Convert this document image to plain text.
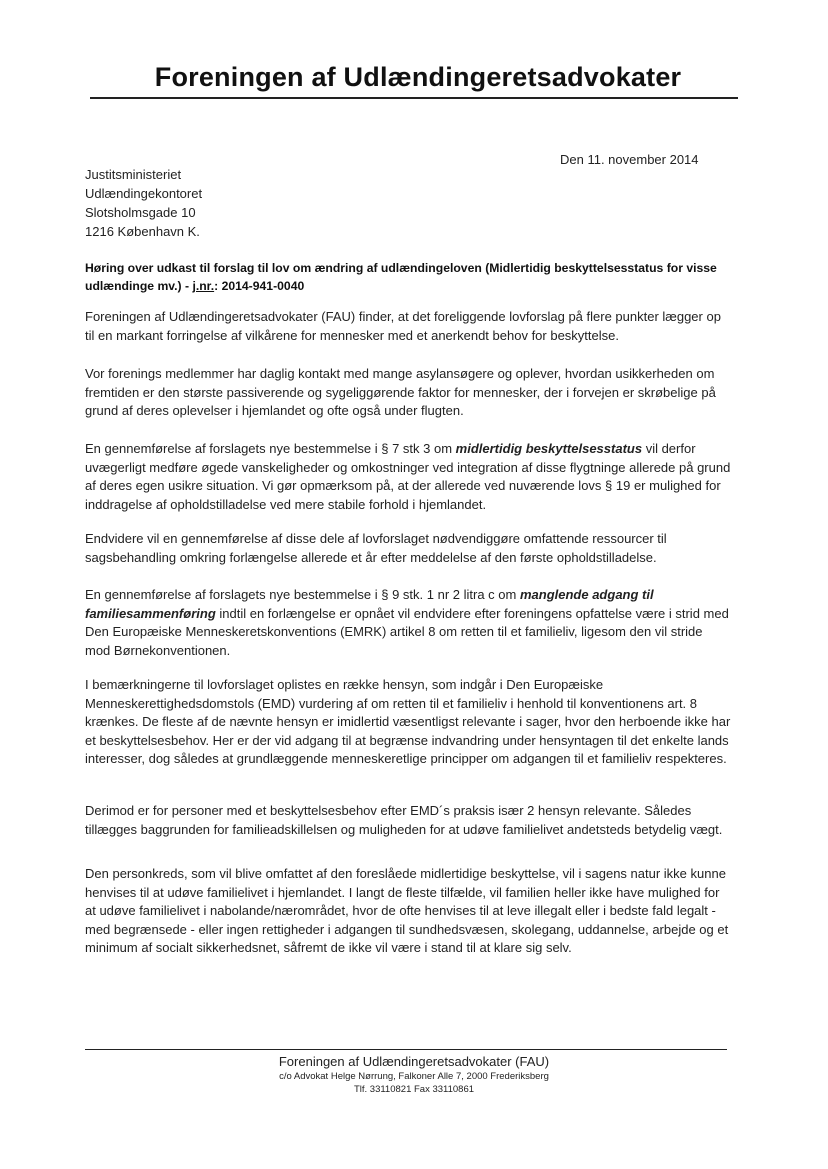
Foreningen af Udlændingeretsadvokater
Den 11. november 2014
Justitsministeriet
Udlændingekontoret
Slotsholmsgade 10
1216 København K.
Høring over udkast til forslag til lov om ændring af udlændingeloven (Midlertidig beskyttelsesstatus for visse udlændinge mv.) - j.nr.: 2014-941-0040

Foreningen af Udlændingeretsadvokater (FAU) finder, at det foreliggende lovforslag på flere punkter lægger op til en markant forringelse af vilkårene for mennesker med et anerkendt behov for beskyttelse.

Vor forenings medlemmer har daglig kontakt med mange asylansøgere og oplever, hvordan usikkerheden om fremtiden er den største passiverende og sygeliggørende faktor for mennesker, der i forvejen er skrøbelige på grund af deres oplevelser i hjemlandet og ofte også under flugten.

En gennemførelse af forslagets nye bestemmelse i § 7 stk 3 om midlertidig beskyttelsesstatus vil derfor uvægerligt medføre øgede vanskeligheder og omkostninger ved integration af disse flygtninge allerede på grund af deres egen usikre situation. Vi gør opmærksom på, at der allerede ved nuværende lovs § 19 er mulighed for inddragelse af opholdstilladelse ved mere stabile forhold i hjemlandet.

Endvidere vil en gennemførelse af disse dele af lovforslaget nødvendiggøre omfattende ressourcer til sagsbehandling omkring forlængelse allerede et år efter meddelelse af den første opholdstilladelse.

En gennemførelse af forslagets nye bestemmelse i § 9 stk. 1 nr 2 litra c om manglende adgang til familiesammenføring indtil en forlængelse er opnået vil endvidere efter foreningens opfattelse være i strid med Den Europæiske Menneskeretskonventions (EMRK) artikel 8 om retten til et familieliv, ligesom den vil stride mod Børnekonventionen.

I bemærkningerne til lovforslaget oplistes en række hensyn, som indgår i Den Europæiske Menneskerettighedsdomstols (EMD) vurdering af om retten til et familieliv i henhold til konventionens art. 8 krænkes. De fleste af de nævnte hensyn er imidlertid væsentligst relevante i sager, hvor den herboende ikke har et beskyttelsesbehov. Her er der vid adgang til at begrænse indvandring under hensyntagen til det enkelte lands interesser, dog således at grundlæggende menneskeretlige principper om adgangen til et familieliv respekteres.

Derimod er for personer med et beskyttelsesbehov efter EMD´s praksis især 2 hensyn relevante. Således tillægges baggrunden for familieadskillelsen og muligheden for at udøve familielivet andetsteds betydelig vægt.

Den personkreds, som vil blive omfattet af den foreslåede midlertidige beskyttelse, vil i sagens natur ikke kunne henvises til at udøve familielivet i hjemlandet. I langt de fleste tilfælde, vil familien heller ikke have mulighed for at udøve familielivet i nabolande/nærområdet, hvor de ofte henvises til at leve illegalt eller i bedste fald legalt - med begrænsede - eller ingen rettigheder i adgangen til sundhedsvæsen, skolegang, uddannelse, arbejde og et minimum af socialt sikkerhedsnet, såfremt de ikke vil være i stand til at klare sig selv.

Foreningen af Udlændingeretsadvokater (FAU)
c/o Advokat Helge Nørrung, Falkoner Alle 7, 2000 Frederiksberg
Tlf. 33110821 Fax 33110861
